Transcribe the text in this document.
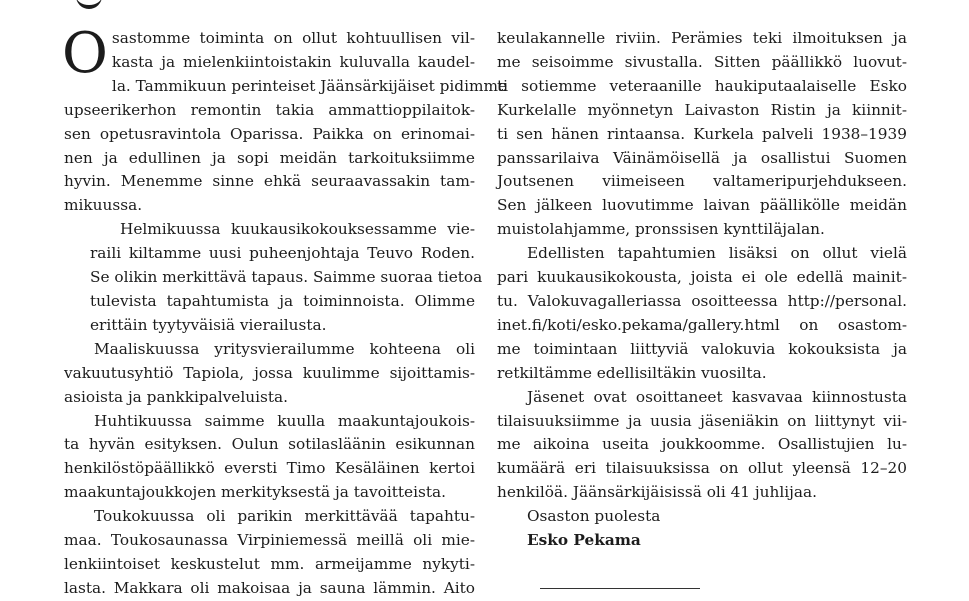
O sastomme toiminta on ollut kohtuullisen vil-
kasta ja mielenkiintoistakin kuluvalla kaudel-
la. Tammikuun perinteiset Jäänsärkijäiset pidimme
upseerikerhon remontin takia ammattioppilaitok-
sen opetusravintola Oparissa. Paikka on erinomai-
nen ja edullinen ja sopi meidän tarkoituksiimme
hyvin. Menemme sinne ehkä seuraavassakin tam-
mikuussa.

Helmikuussa kuukausikokouksessamme vie-
raili kiltamme uusi puheenjohtaja Teuvo Roden.
Se olikin merkittävä tapaus. Saimme suoraa tietoa
tulevista tapahtumista ja toiminnoista. Olimme
erittäin tyytyväisiä vierailusta.

Maaliskuussa yritysvierailumme kohteena oli
vakuutusyhtiö Tapiola, jossa kuulimme sijoittamis-
asioista ja pankkipalveluista.

Huhtikuussa saimme kuulla maakuntajoukois-
ta hyvän esityksen. Oulun sotilasläänin esikunnan
henkilöstöpäällikkö eversti Timo Kesäläinen kertoi
maakuntajoukkojen merkityksestä ja tavoitteista.

Toukokuussa oli parikin merkittävää tapahtu-
maa. Toukosaunassa Virpiniemessä meillä oli mie-
lenkiintoiset keskustelut mm. armeijamme nykyti-
lasta. Makkara oli makoisaa ja sauna lämmin. Aito

keulakannelle riviin. Perämies teki ilmoituksen ja
me seisoimme sivustalla. Sitten päällikkö luovut-
ti sotiemme veteraanille haukiputaalaiselle Esko
Kurkelalle myönnetyn Laivaston Ristin ja kiinnit-
ti sen hänen rintaansa. Kurkela palveli 1938–1939
panssarilaiva Väinämöisellä ja osallistui Suomen
Joutsenen viimeiseen valtameripurjehdukseen.
Sen jälkeen luovutimme laivan päällikölle meidän
muistolahjamme, pronssisen kynttiläjalan.

Edellisten tapahtumien lisäksi on ollut vielä
pari kuukausikokousta, joista ei ole edellä mainit-
tu. Valokuvagalleriassa osoitteessa http://personal.
inet.fi/koti/esko.pekama/gallery.html on osastom-
me toimintaan liittyviä valokuvia kokouksista ja
retkiltämme edellisiltäkin vuosilta.

Jäsenet ovat osoittaneet kasvavaa kiinnostusta
tilaisuuksiimme ja uusia jäseniäkin on liittynyt vii-
me aikoina useita joukkoomme. Osallistujien lu-
kumäärä eri tilaisuuksissa on ollut yleensä 12–20
henkilöä. Jäänsärkijäisissä oli 41 juhlijaa.

Osaston puolesta
Esko Pekama
